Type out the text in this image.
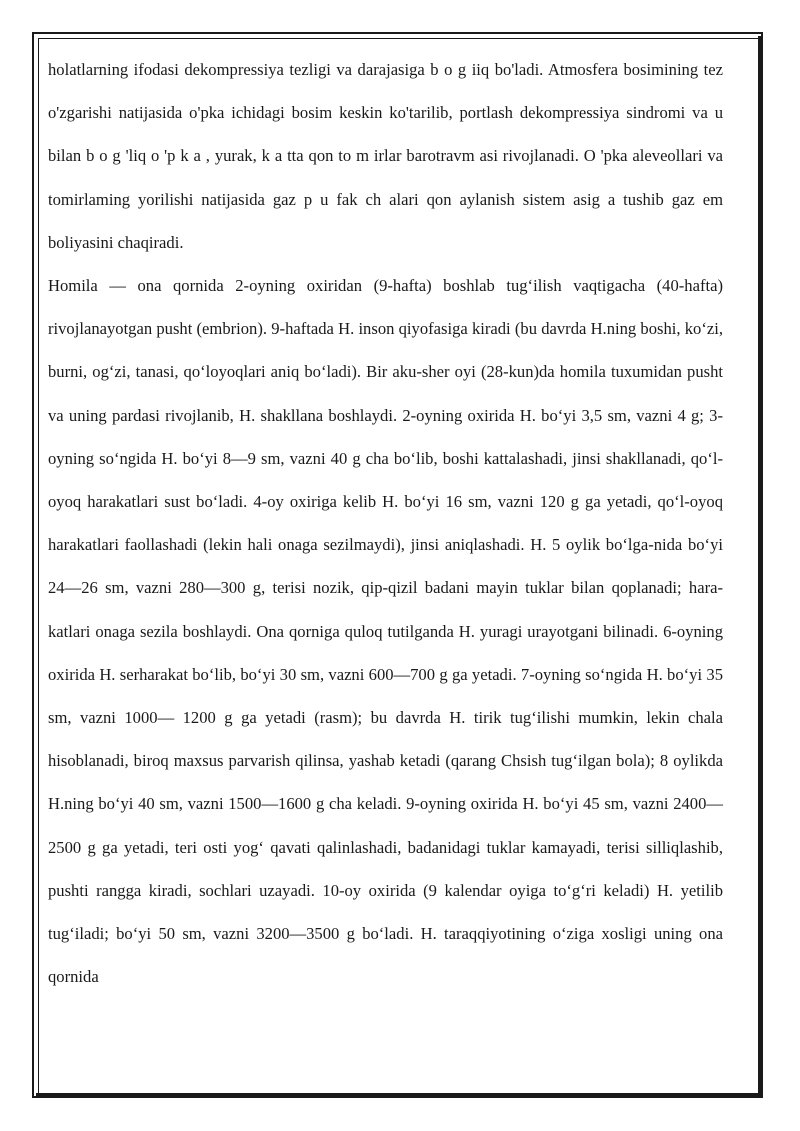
holatlarning ifodasi dekompressiya tezligi va darajasiga b o g iiq bo'ladi. Atmosfera bosimining tez o'zgarishi natijasida o'pka ichidagi bosim keskin ko'tarilib, portlash dekompressiya sindromi va u bilan b o g 'liq o 'p k a , yurak, k a tta qon to m irlar barotravm asi rivojlanadi. O 'pka aleveollari va tomirlaming yorilishi natijasida gaz p u fak ch alari qon aylanish sistem asig a tushib gaz em boliyasini chaqiradi.

Homila — ona qornida 2-oyning oxiridan (9-hafta) boshlab tug‘ilish vaqtigacha (40-hafta) rivojlanayotgan pusht (embrion). 9-haftada H. inson qiyofasiga kiradi (bu davrda H.ning boshi, ko‘zi, burni, og‘zi, tanasi, qo‘loyoqlari aniq bo‘ladi). Bir aku-sher oyi (28-kun)da homila tuxumidan pusht va uning pardasi rivojlanib, H. shakllana boshlaydi. 2-oyning oxirida H. bo‘yi 3,5 sm, vazni 4 g; 3-oyning so‘ngida H. bo‘yi 8—9 sm, vazni 40 g cha bo‘lib, boshi kattalashadi, jinsi shakllanadi, qo‘l-oyoq harakatlari sust bo‘ladi. 4-oy oxiriga kelib H. bo‘yi 16 sm, vazni 120 g ga yetadi, qo‘l-oyoq harakatlari faollashadi (lekin hali onaga sezilmaydi), jinsi aniqlashadi. H. 5 oylik bo‘lga-nida bo‘yi 24—26 sm, vazni 280—300 g, terisi nozik, qip-qizil badani mayin tuklar bilan qoplanadi; hara-katlari onaga sezila boshlaydi. Ona qorniga quloq tutilganda H. yuragi urayotgani bilinadi. 6-oyning oxirida H. serharakat bo‘lib, bo‘yi 30 sm, vazni 600—700 g ga yetadi. 7-oyning so‘ngida H. bo‘yi 35 sm, vazni 1000— 1200 g ga yetadi (rasm); bu davrda H. tirik tug‘ilishi mumkin, lekin chala hisoblanadi, biroq maxsus parvarish qilinsa, yashab ketadi (qarang Chsish tug‘ilgan bola); 8 oylikda H.ning bo‘yi 40 sm, vazni 1500—1600 g cha keladi. 9-oyning oxirida H. bo‘yi 45 sm, vazni 2400—2500 g ga yetadi, teri osti yog‘ qavati qalinlashadi, badanidagi tuklar kamayadi, terisi silliqlashib, pushti rangga kiradi, sochlari uzayadi. 10-oy oxirida (9 kalendar oyiga to‘g‘ri keladi) H. yetilib tug‘iladi; bo‘yi 50 sm, vazni 3200—3500 g bo‘ladi. H. taraqqiyotining o‘ziga xosligi uning ona qornida
